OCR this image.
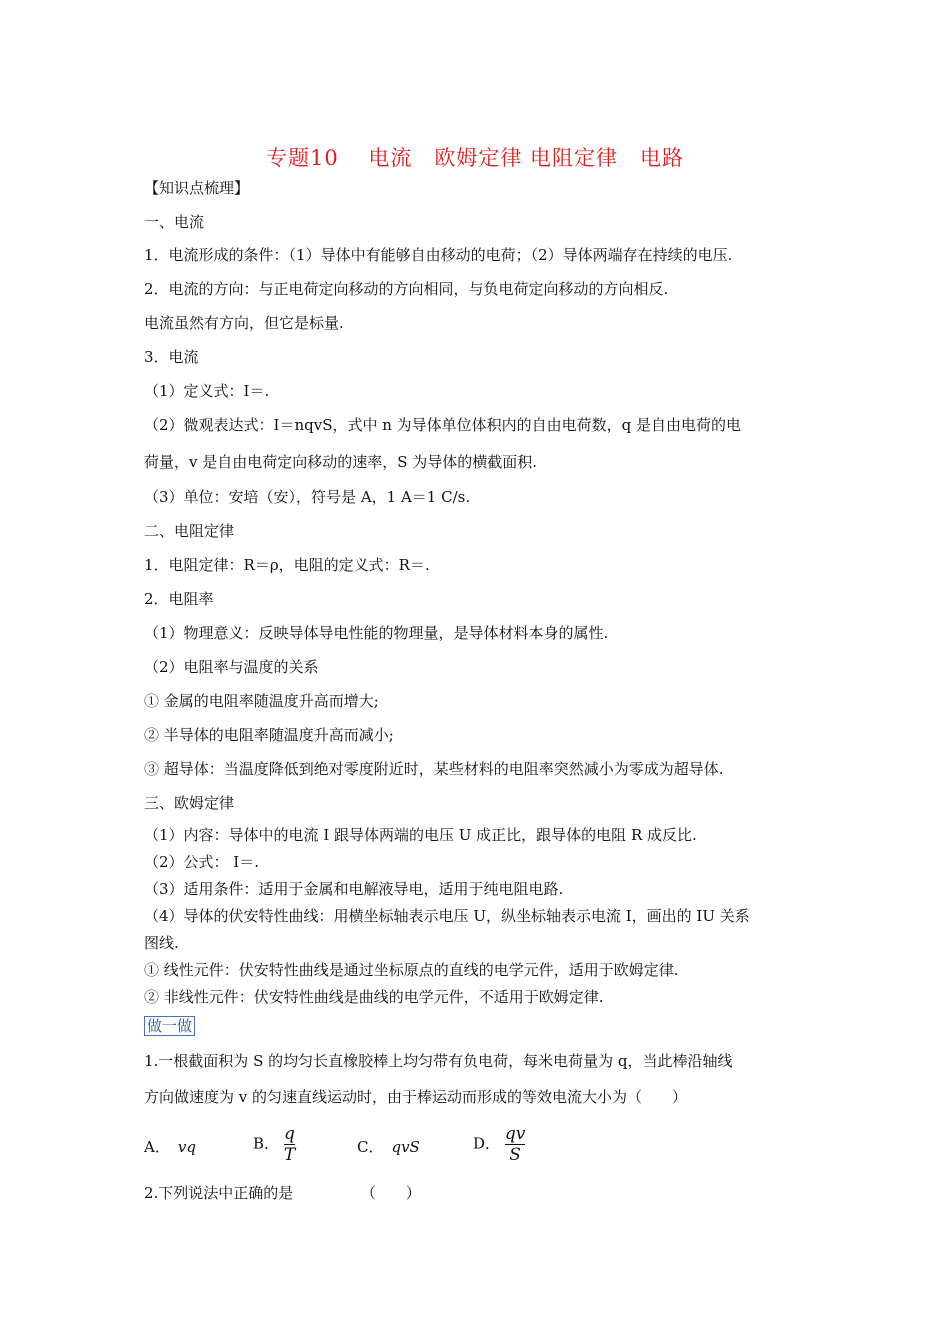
专题10　 电流　欧姆定律 电阻定律　电路
【知识点梳理】
一、电流
1．电流形成的条件：（1）导体中有能够自由移动的电荷；（2）导体两端存在持续的电压.
2．电流的方向：与正电荷定向移动的方向相同，与负电荷定向移动的方向相反.
电流虽然有方向，但它是标量.
3．电流
（1）定义式：I＝.
（2）微观表达式：I＝nqvS，式中 n 为导体单位体积内的自由电荷数，q 是自由电荷的电
荷量，v 是自由电荷定向移动的速率，S 为导体的横截面积.
（3）单位：安培（安），符号是 A，1 A＝1 C/s.
二、电阻定律
1．电阻定律：R＝ρ，电阻的定义式：R＝.
2．电阻率
（1）物理意义：反映导体导电性能的物理量，是导体材料本身的属性.
（2）电阻率与温度的关系
① 金属的电阻率随温度升高而增大;
② 半导体的电阻率随温度升高而减小;
③ 超导体：当温度降低到绝对零度附近时，某些材料的电阻率突然减小为零成为超导体.
三、欧姆定律
（1）内容：导体中的电流 I 跟导体两端的电压 U 成正比，跟导体的电阻 R 成反比.
（2）公式： I＝.
（3）适用条件：适用于金属和电解液导电，适用于纯电阻电路.
（4）导体的伏安特性曲线：用横坐标轴表示电压 U，纵坐标轴表示电流 I，画出的 IU 关系
图线.
① 线性元件：伏安特性曲线是通过坐标原点的直线的电学元件，适用于欧姆定律.
② 非线性元件：伏安特性曲线是曲线的电学元件，不适用于欧姆定律.
做一做
1.一根截面积为 S 的均匀长直橡胶棒上均匀带有负电荷，每米电荷量为 q，当此棒沿轴线
方向做速度为 v 的匀速直线运动时，由于棒运动而形成的等效电流大小为（　　）
A． vq	B． $\frac{q}{T}$	C． qvS	D． $\frac{qv}{S}$
2.下列说法中正确的是　　　　　（　　）
